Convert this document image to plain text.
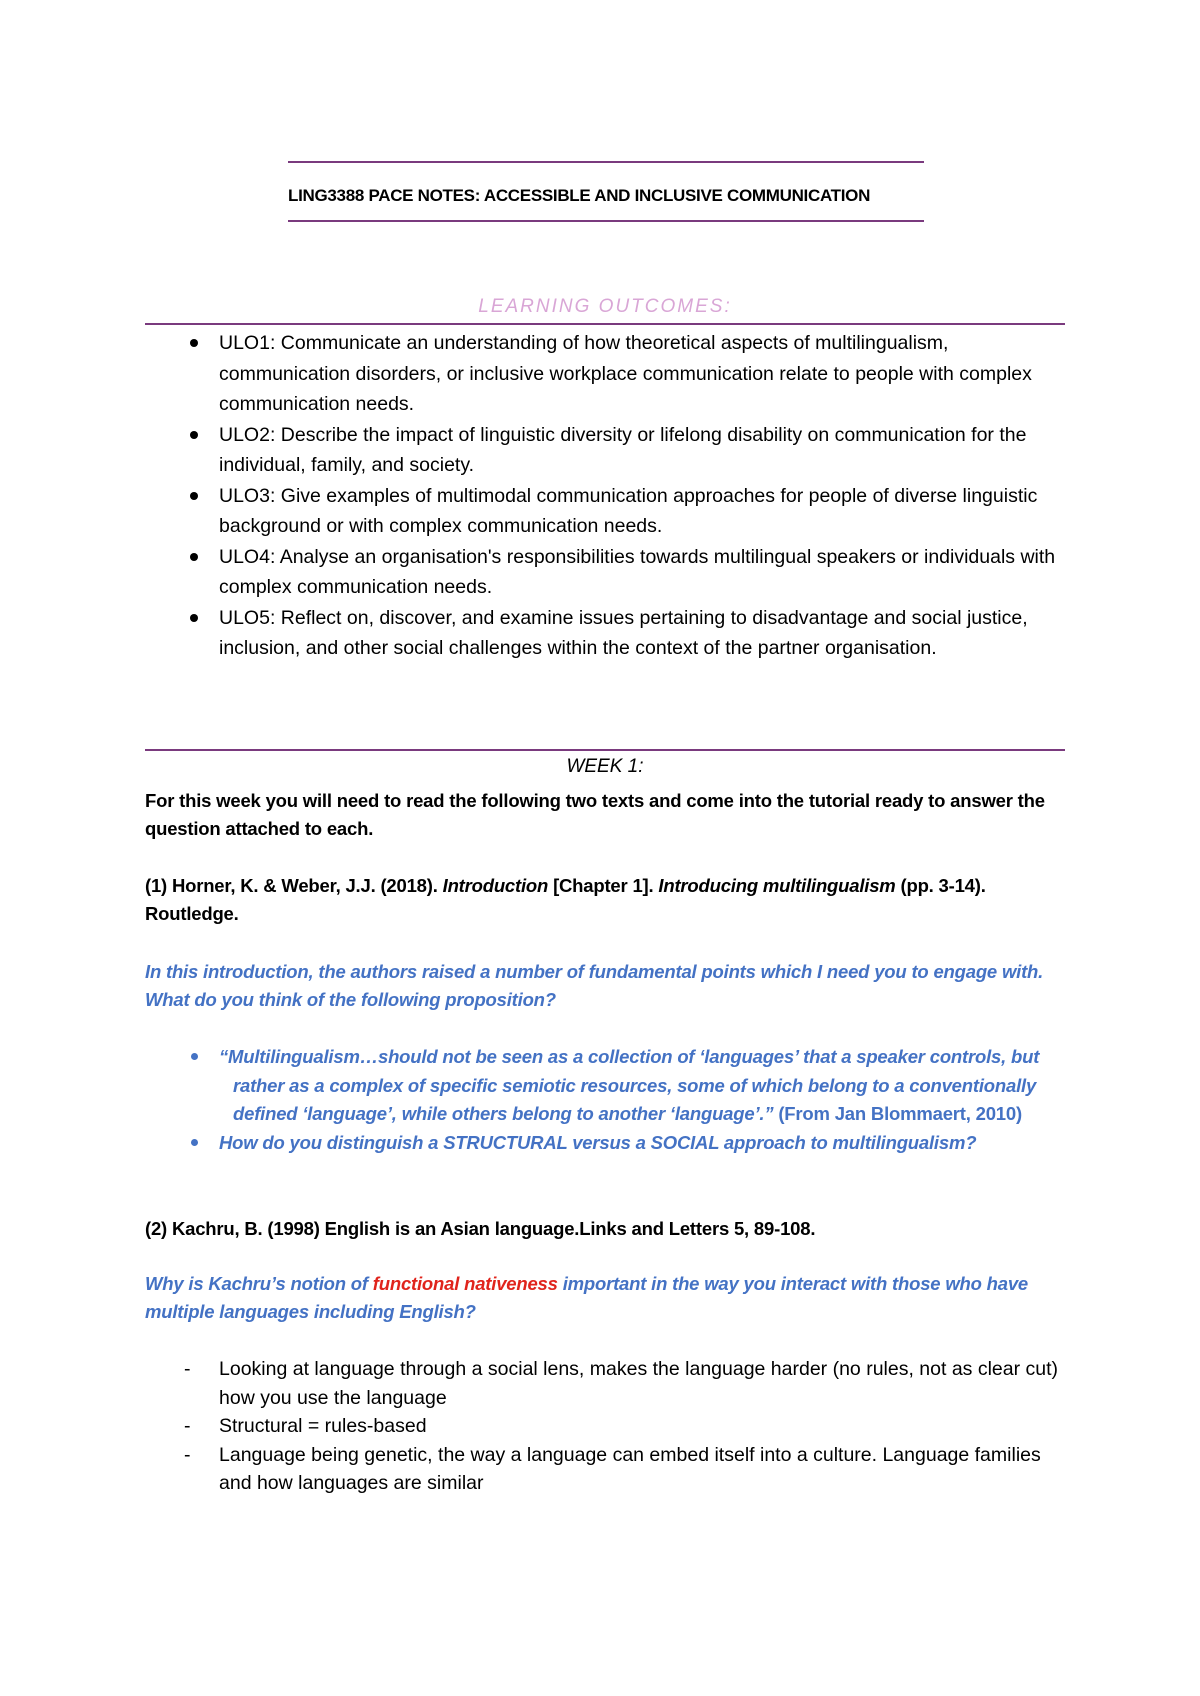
LING3388 PACE NOTES: ACCESSIBLE AND INCLUSIVE COMMUNICATION
LEARNING OUTCOMES:
ULO1: Communicate an understanding of how theoretical aspects of multilingualism, communication disorders, or inclusive workplace communication relate to people with complex communication needs.
ULO2: Describe the impact of linguistic diversity or lifelong disability on communication for the individual, family, and society.
ULO3: Give examples of multimodal communication approaches for people of diverse linguistic background or with complex communication needs.
ULO4: Analyse an organisation's responsibilities towards multilingual speakers or individuals with complex communication needs.
ULO5: Reflect on, discover, and examine issues pertaining to disadvantage and social justice, inclusion, and other social challenges within the context of the partner organisation.
WEEK 1:
For this week you will need to read the following two texts and come into the tutorial ready to answer the question attached to each.
(1) Horner, K. & Weber, J.J. (2018). Introduction [Chapter 1]. Introducing multilingualism (pp. 3-14). Routledge.
In this introduction, the authors raised a number of fundamental points which I need you to engage with. What do you think of the following proposition?
“Multilingualism…should not be seen as a collection of ‘languages’ that a speaker controls, but rather as a complex of specific semiotic resources, some of which belong to a conventionally defined ‘language’, while others belong to another ‘language’.” (From Jan Blommaert, 2010)
How do you distinguish a STRUCTURAL versus a SOCIAL approach to multilingualism?
(2) Kachru, B. (1998) English is an Asian language.Links and Letters 5, 89-108.
Why is Kachru’s notion of functional nativeness important in the way you interact with those who have multiple languages including English?
- Looking at language through a social lens, makes the language harder (no rules, not as clear cut) how you use the language
- Structural = rules-based
- Language being genetic, the way a language can embed itself into a culture. Language families and how languages are similar
